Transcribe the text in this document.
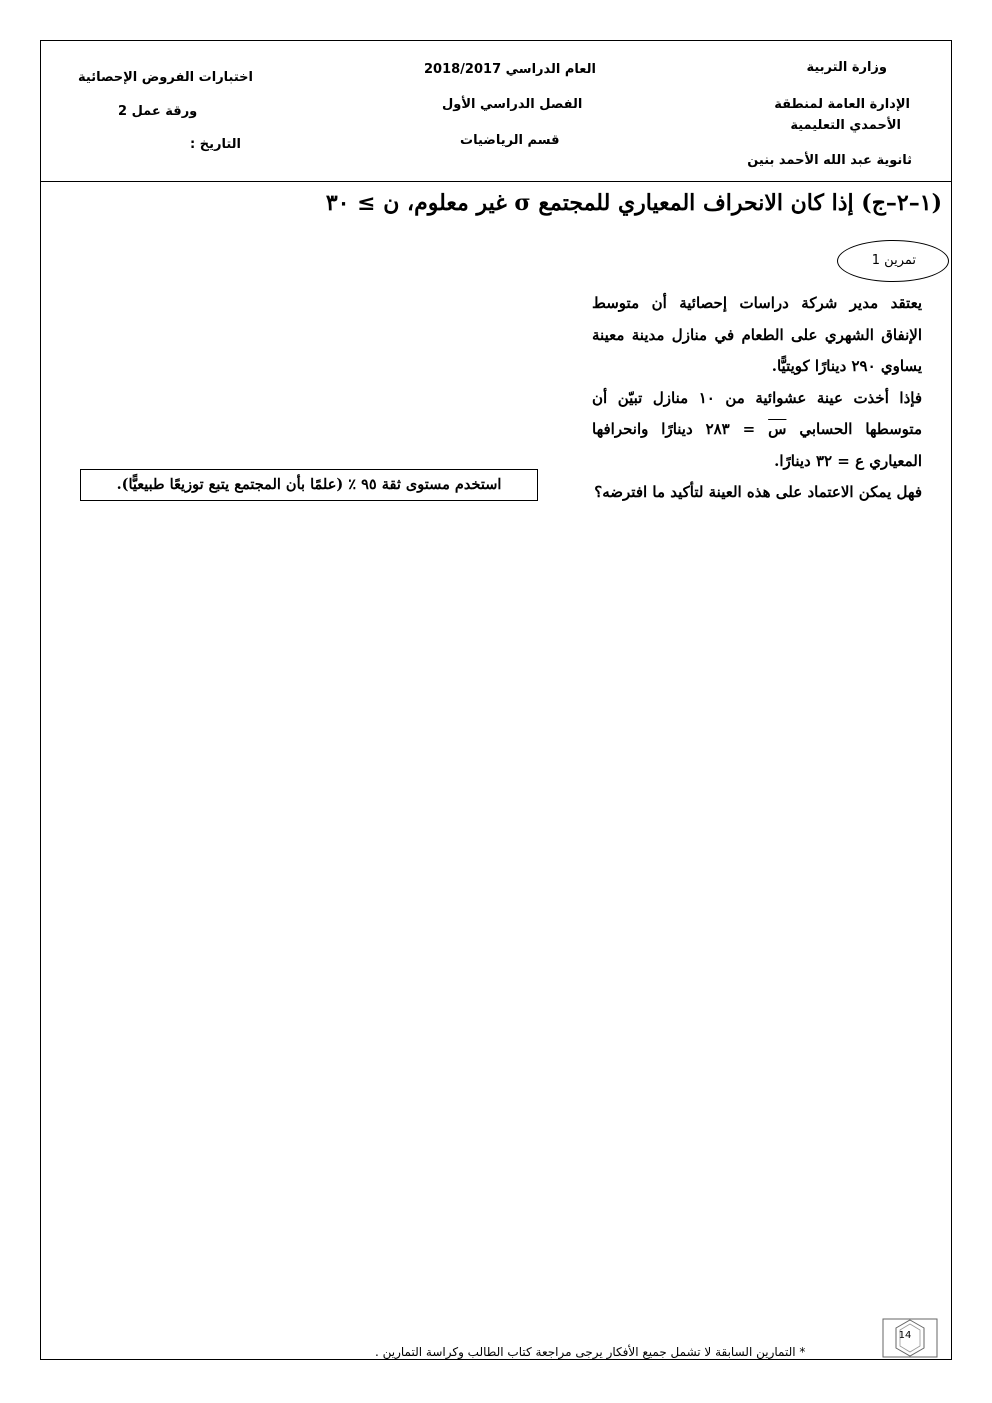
وزارة التربية
الإدارة العامة لمنطقة
الأحمدي التعليمية
ثانوية عبد الله الأحمد بنين
العام الدراسي 2018/2017
الفصل الدراسي الأول
قسم الرياضيات
اختبارات الفروض الإحصائية
ورقة عمل 2
التاريخ :
(١–٢–ج) إذا كان الانحراف المعياري للمجتمع σ غير معلوم، ن ≥ ٣٠
تمرين 1

يعتقد مدير شركة دراسات إحصائية أن متوسط الإنفاق الشهري على الطعام في منازل مدينة معينة يساوي ٢٩٠ دينارًا كويتيًّا.

فإذا أخذت عينة عشوائية من ١٠ منازل تبيّن أن متوسطها الحسابي س = ٢٨٣ دينارًا وانحرافها المعياري ع = ٣٢ دينارًا.

فهل يمكن الاعتماد على هذه العينة لتأكيد ما افترضه؟

استخدم مستوى ثقة ٩٥ ٪ (علمًا بأن المجتمع يتبع توزيعًا طبيعيًّا).
* التمارين السابقة لا تشمل جميع الأفكار يرجى مراجعة كتاب الطالب وكراسة التمارين .
14
